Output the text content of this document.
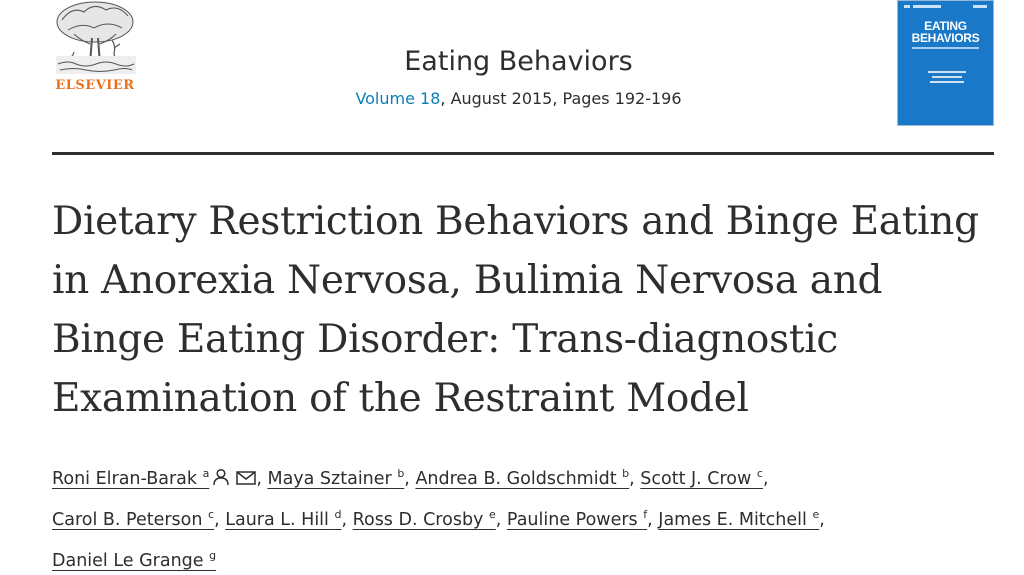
ELSEVIER
Eating Behaviors
Volume 18, August 2015, Pages 192-196
EATING
BEHAVIORS
Dietary Restriction Behaviors and Binge Eating in Anorexia Nervosa, Bulimia Nervosa and Binge Eating Disorder: Trans-diagnostic Examination of the Restraint Model
Roni Elran-Barak $^a$	, Maya Sztainer $^b$, Andrea B. Goldschmidt $^b$, Scott J. Crow $^c$,
Carol B. Peterson $^c$, Laura L. Hill $^d$, Ross D. Crosby $^e$, Pauline Powers $^f$, James E. Mitchell $^e$,
Daniel Le Grange $^g$
